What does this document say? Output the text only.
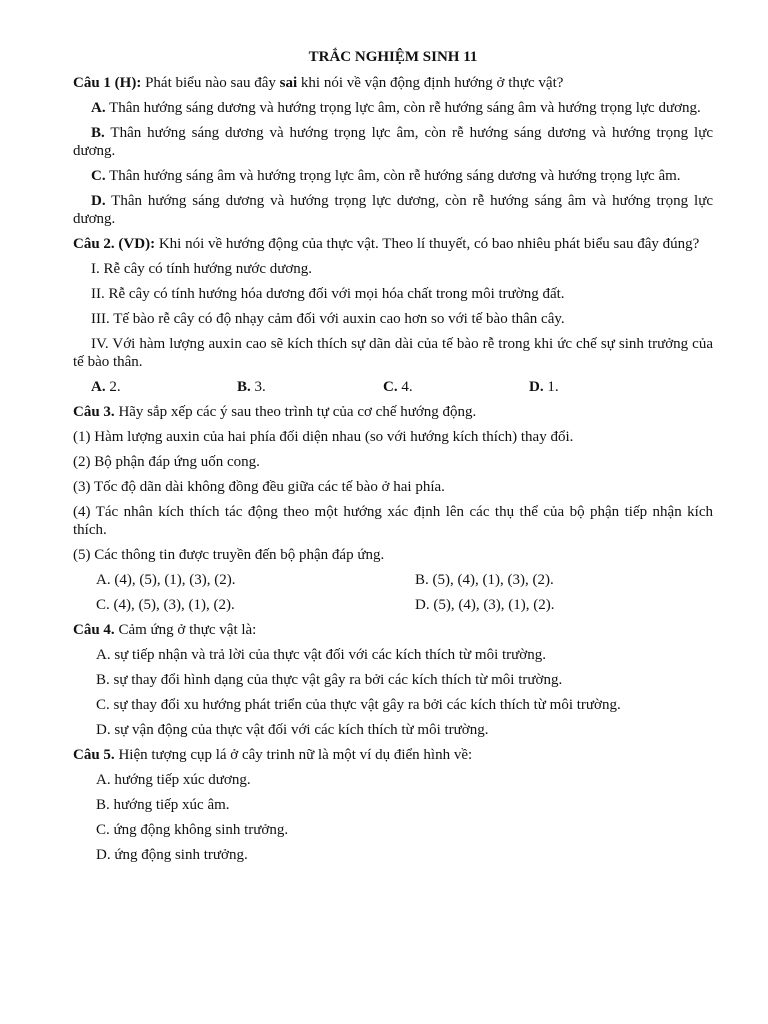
TRẮC NGHIỆM SINH 11
Câu 1 (H): Phát biểu nào sau đây sai khi nói về vận động định hướng ở thực vật?
A. Thân hướng sáng dương và hướng trọng lực âm, còn rễ hướng sáng âm và hướng trọng lực dương.
B. Thân hướng sáng dương và hướng trọng lực âm, còn rễ hướng sáng dương và hướng trọng lực dương.
C. Thân hướng sáng âm và hướng trọng lực âm, còn rễ hướng sáng dương và hướng trọng lực âm.
D. Thân hướng sáng dương và hướng trọng lực dương, còn rễ hướng sáng âm và hướng trọng lực dương.
Câu 2. (VD): Khi nói về hướng động của thực vật. Theo lí thuyết, có bao nhiêu phát biểu sau đây đúng?
I. Rễ cây có tính hướng nước dương.
II. Rễ cây có tính hướng hóa dương đối với mọi hóa chất trong môi trường đất.
III. Tế bào rễ cây có độ nhạy cảm đối với auxin cao hơn so với tế bào thân cây.
IV. Với hàm lượng auxin cao sẽ kích thích sự dãn dài của tế bào rễ trong khi ức chế sự sinh trưởng của tế bào thân.
A. 2.	B. 3.	C. 4.	D. 1.
Câu 3. Hãy sắp xếp các ý sau theo trình tự của cơ chế hướng động.
(1) Hàm lượng auxin của hai phía đối diện nhau (so với hướng kích thích) thay đổi.
(2) Bộ phận đáp ứng uốn cong.
(3) Tốc độ dãn dài không đồng đều giữa các tế bào ở hai phía.
(4) Tác nhân kích thích tác động theo một hướng xác định lên các thụ thể của bộ phận tiếp nhận kích thích.
(5) Các thông tin được truyền đến bộ phận đáp ứng.
A. (4), (5), (1), (3), (2).	B. (5), (4), (1), (3), (2).
C. (4), (5), (3), (1), (2).	D. (5), (4), (3), (1), (2).
Câu 4. Cảm ứng ở thực vật là:
A. sự tiếp nhận và trả lời của thực vật đối với các kích thích từ môi trường.
B. sự thay đổi hình dạng của thực vật gây ra bởi các kích thích từ môi trường.
C. sự thay đổi xu hướng phát triển của thực vật gây ra bởi các kích thích từ môi trường.
D. sự vận động của thực vật đối với các kích thích từ môi trường.
Câu 5. Hiện tượng cụp lá ở cây trinh nữ là một ví dụ điển hình về:
A. hướng tiếp xúc dương.
B. hướng tiếp xúc âm.
C. ứng động không sinh trưởng.
D. ứng động sinh trưởng.
